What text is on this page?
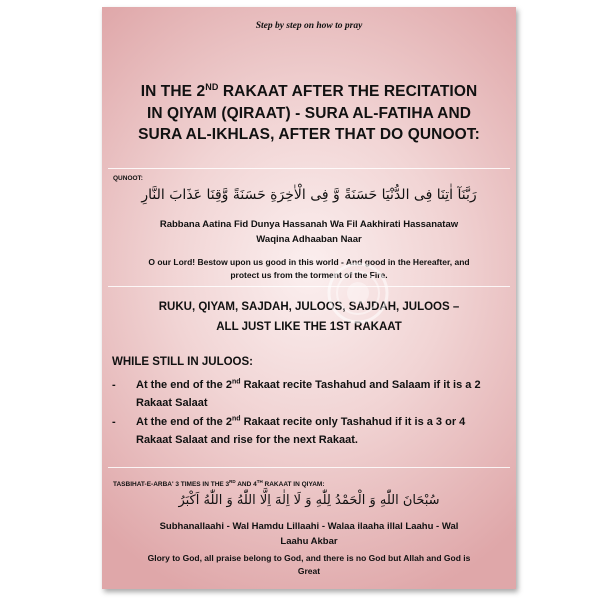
Step by step on how to pray
IN THE 2ND RAKAAT AFTER THE RECITATION
IN QIYAM (QIRAAT) - SURA AL-FATIHA AND
SURA AL-IKHLAS, AFTER THAT DO QUNOOT:
QUNOOT:
رَبَّنَآ اٰتِنَا فِی الدُّنْیَا حَسَنَةً وَّ فِی الْاٰخِرَةِ حَسَنَةً وَّقِنَا عَذَابَ النَّارِ
Rabbana Aatina Fid Dunya Hassanah Wa Fil Aakhirati Hassanataw
Waqina Adhaaban Naar
O our Lord! Bestow upon us good in this world - And good in the Hereafter, and
protect us from the torment of the Fire.
RUKU, QIYAM, SAJDAH, JULOOS, SAJDAH, JULOOS –
ALL JUST LIKE THE 1ST RAKAAT
WHILE STILL IN JULOOS:
-	At the end of the 2nd Rakaat recite Tashahud and Salaam if it is a 2 Rakaat Salaat
-	At the end of the 2nd Rakaat recite only Tashahud if it is a 3 or 4 Rakaat Salaat and rise for the next Rakaat.
TASBIHAT-E-ARBA' 3 TIMES IN THE 3RD AND 4TH RAKAAT IN QIYAM:
سُبْحَانَ اللّٰهِ وَ الْحَمْدُ لِلّٰهِ وَ لَا اِلٰهَ اِلَّا اللّٰهُ وَ اللّٰهُ اَكْبَرُ
Subhanallaahi - Wal Hamdu Lillaahi - Walaa ilaaha illal Laahu - Wal
Laahu Akbar
Glory to God, all praise belong to God, and there is no God but Allah and God is
Great
